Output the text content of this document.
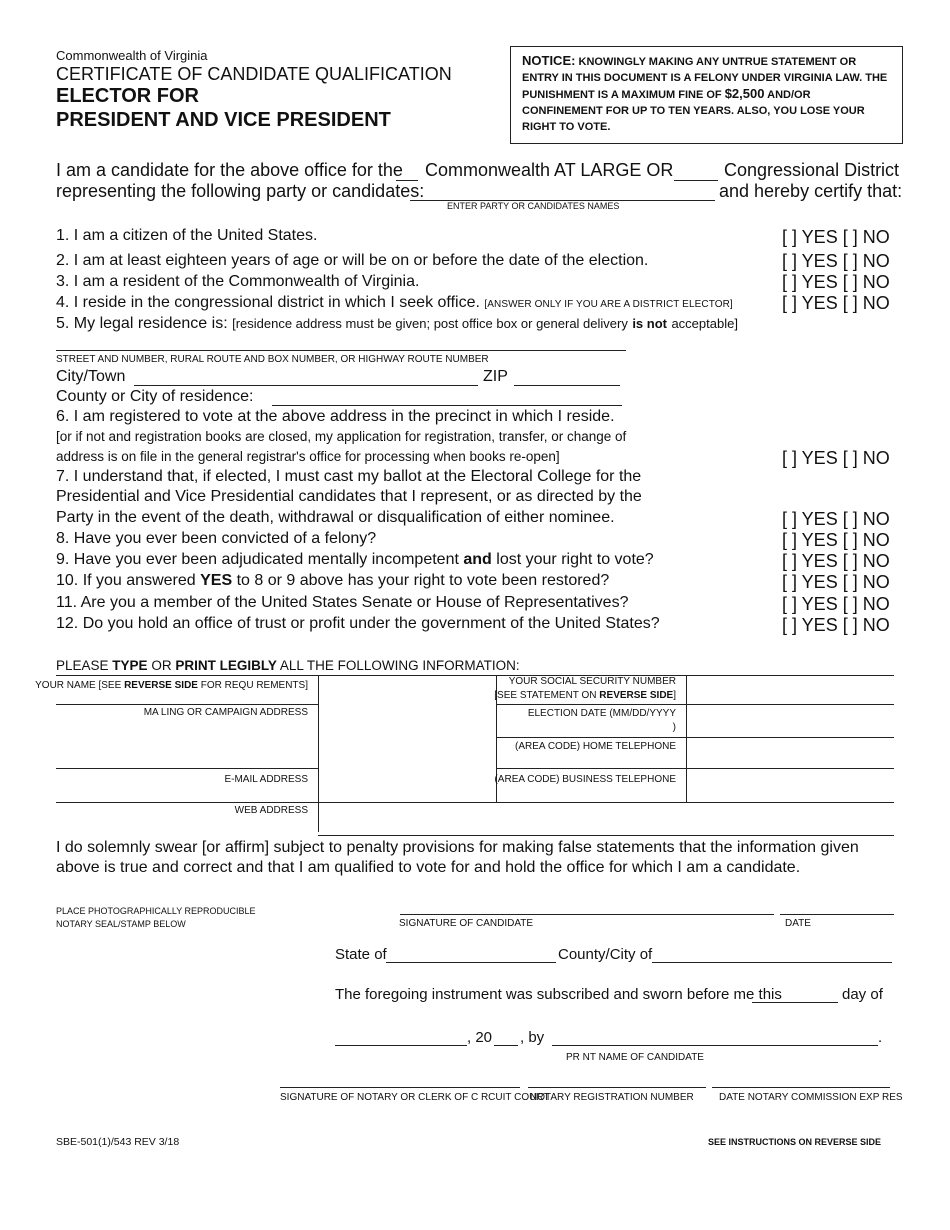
Commonwealth of Virginia
CERTIFICATE OF CANDIDATE QUALIFICATION
ELECTOR FOR
PRESIDENT AND VICE PRESIDENT
NOTICE: KNOWINGLY MAKING ANY UNTRUE STATEMENT OR ENTRY IN THIS DOCUMENT IS A FELONY UNDER VIRGINIA LAW. THE PUNISHMENT IS A MAXIMUM FINE OF $2,500 AND/OR CONFINEMENT FOR UP TO TEN YEARS. ALSO, YOU LOSE YOUR RIGHT TO VOTE.
I am a candidate for the above office for the Commonwealth AT LARGE OR	Congressional District
representing the following party or candidates:	and hereby certify that:
ENTER PARTY OR CANDIDATES NAMES
1. I am a citizen of the United States.	[ ] YES [ ] NO
2. I am at least eighteen years of age or will be on or before the date of the election.	[ ] YES [ ] NO
3. I am a resident of the Commonwealth of Virginia.	[ ] YES [ ] NO
4. I reside in the congressional district in which I seek office. [ANSWER ONLY IF YOU ARE A DISTRICT ELECTOR]	[ ] YES [ ] NO
5. My legal residence is: [residence address must be given; post office box or general delivery is not acceptable]
STREET AND NUMBER, RURAL ROUTE AND BOX NUMBER, OR HIGHWAY ROUTE NUMBER
City/Town	ZIP
County or City of residence:
6. I am registered to vote at the above address in the precinct in which I reside.
[or if not and registration books are closed, my application for registration, transfer, or change of
address is on file in the general registrar's office for processing when books re-open]	[ ] YES [ ] NO
7. I understand that, if elected, I must cast my ballot at the Electoral College for the
Presidential and Vice Presidential candidates that I represent, or as directed by the
Party in the event of the death, withdrawal or disqualification of either nominee.	[ ] YES [ ] NO
8. Have you ever been convicted of a felony?	[ ] YES [ ] NO
9. Have you ever been adjudicated mentally incompetent and lost your right to vote?	[ ] YES [ ] NO
10. If you answered YES to 8 or 9 above has your right to vote been restored?	[ ] YES [ ] NO
11. Are you a member of the United States Senate or House of Representatives?	[ ] YES [ ] NO
12. Do you hold an office of trust or profit under the government of the United States?	[ ] YES [ ] NO
PLEASE TYPE OR PRINT LEGIBLY ALL THE FOLLOWING INFORMATION:
YOUR NAME [SEE REVERSE SIDE FOR REQU REMENTS]	YOUR SOCIAL SECURITY NUMBER
[SEE STATEMENT ON REVERSE SIDE]
MA LING OR CAMPAIGN ADDRESS	ELECTION DATE (MM/DD/YYYY
)
(AREA CODE) HOME TELEPHONE
E-MAIL ADDRESS	(AREA CODE) BUSINESS TELEPHONE
WEB ADDRESS
I do solemnly swear [or affirm] subject to penalty provisions for making false statements that the information given above is true and correct and that I am qualified to vote for and hold the office for which I am a candidate.
PLACE PHOTOGRAPHICALLY REPRODUCIBLE
NOTARY SEAL/STAMP BELOW	SIGNATURE OF CANDIDATE	DATE
State of	County/City of
The foregoing instrument was subscribed and sworn before me this	day of
, 20 , by	.
PR NT NAME OF CANDIDATE
SIGNATURE OF NOTARY OR CLERK OF C RCUIT COURT
NOTARY REGISTRATION NUMBER	DATE NOTARY COMMISSION EXP RES
SBE-501(1)/543 REV 3/18	SEE INSTRUCTIONS ON REVERSE SIDE
